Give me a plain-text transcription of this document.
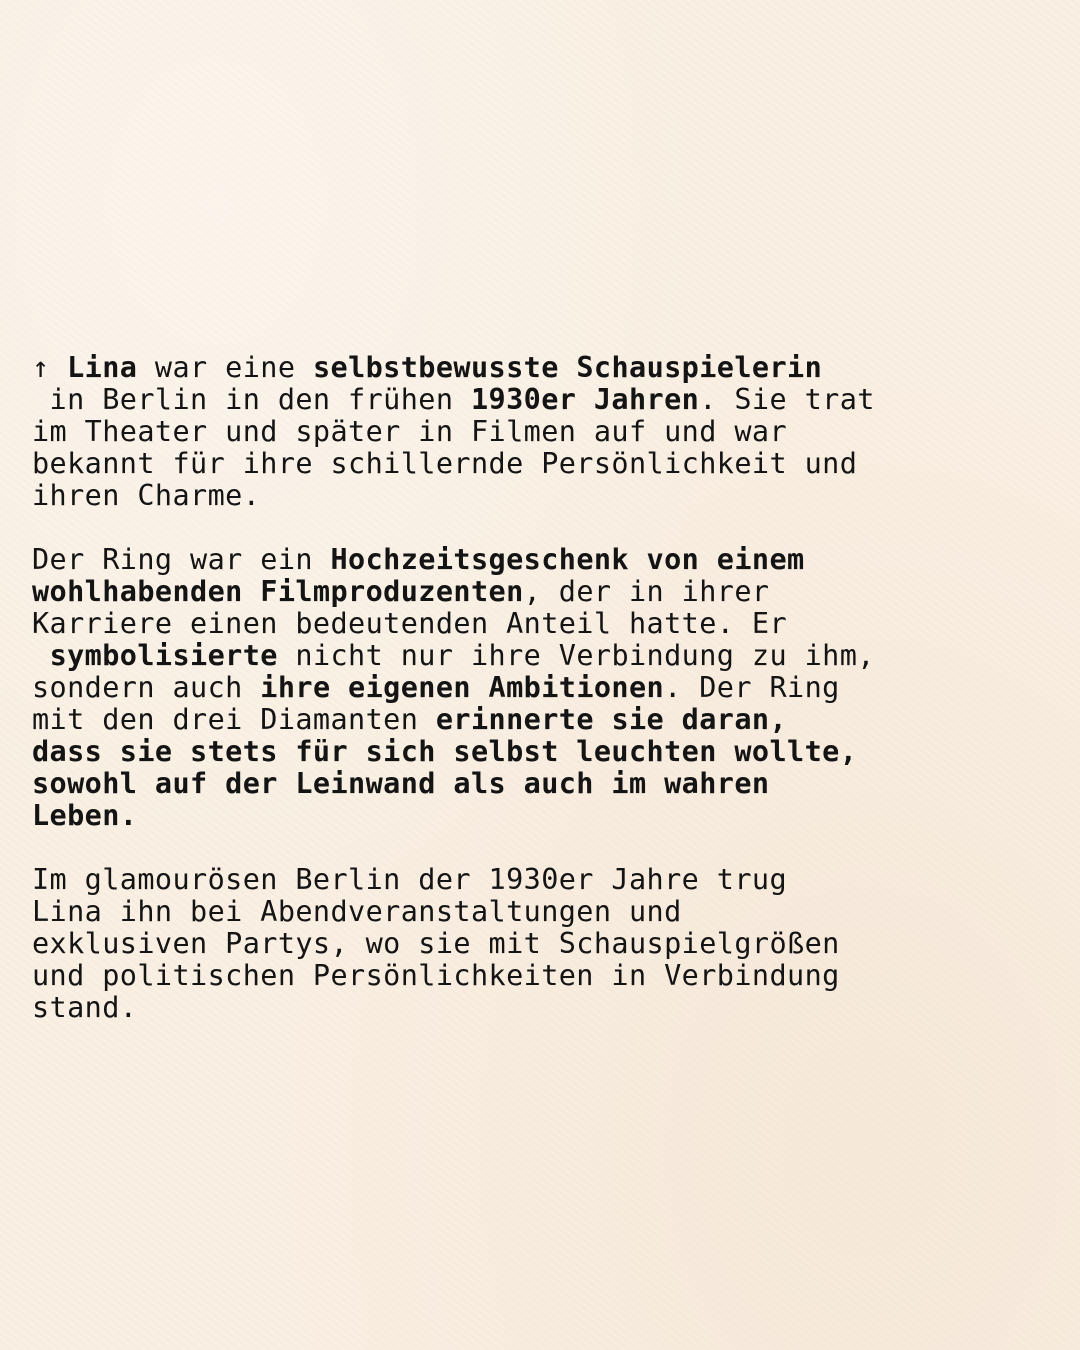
↑ Lina war eine selbstbewusste Schauspielerin
in Berlin in den frühen 1930er Jahren. Sie trat
im Theater und später in Filmen auf und war
bekannt für ihre schillernde Persönlichkeit und
ihren Charme.
Der Ring war ein Hochzeitsgeschenk von einem
wohlhabenden Filmproduzenten, der in ihrer
Karriere einen bedeutenden Anteil hatte. Er
symbolisierte nicht nur ihre Verbindung zu ihm,
sondern auch ihre eigenen Ambitionen. Der Ring
mit den drei Diamanten erinnerte sie daran,
dass sie stets für sich selbst leuchten wollte,
sowohl auf der Leinwand als auch im wahren
Leben.
Im glamourösen Berlin der 1930er Jahre trug
Lina ihn bei Abendveranstaltungen und
exklusiven Partys, wo sie mit Schauspielgrößen
und politischen Persönlichkeiten in Verbindung
stand.
